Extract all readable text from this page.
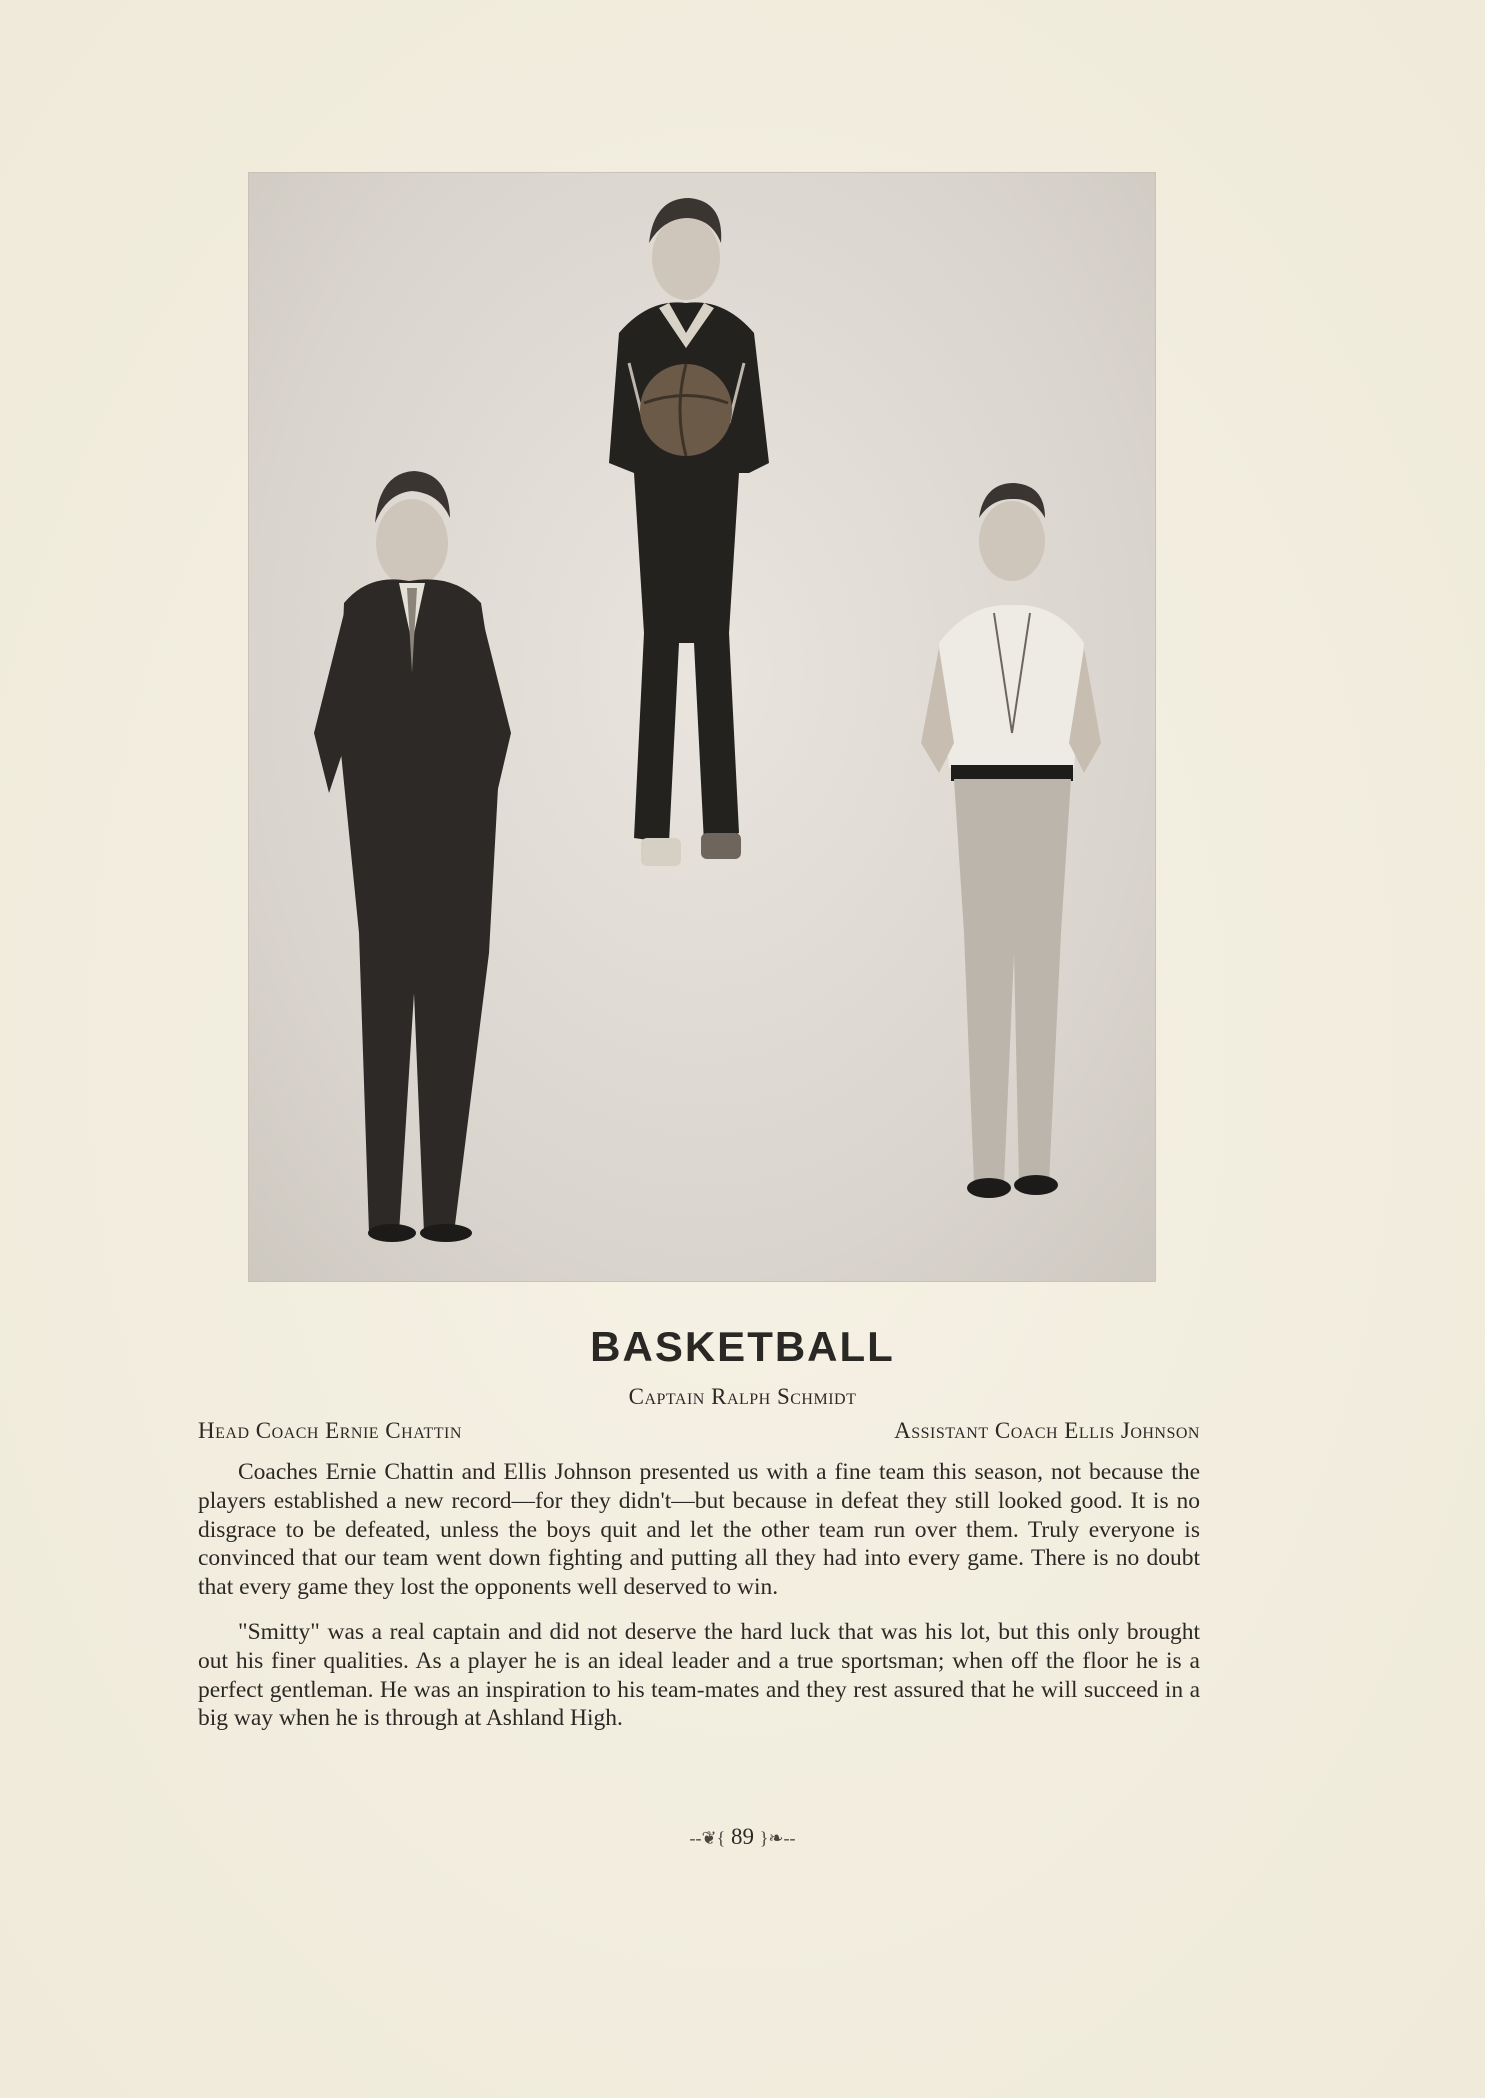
BASKETBALL
Captain Ralph Schmidt
Head Coach Ernie Chattin	Assistant Coach Ellis Johnson

Coaches Ernie Chattin and Ellis Johnson presented us with a fine team this season, not because the players established a new record—for they didn't—but because in defeat they still looked good. It is no disgrace to be defeated, unless the boys quit and let the other team run over them. Truly everyone is convinced that our team went down fighting and putting all they had into every game. There is no doubt that every game they lost the opponents well deserved to win.

"Smitty" was a real captain and did not deserve the hard luck that was his lot, but this only brought out his finer qualities. As a player he is an ideal leader and a true sportsman; when off the floor he is a perfect gentleman. He was an inspiration to his team-mates and they rest assured that he will succeed in a big way when he is through at Ashland High.

--❦{ 89 }❧--
